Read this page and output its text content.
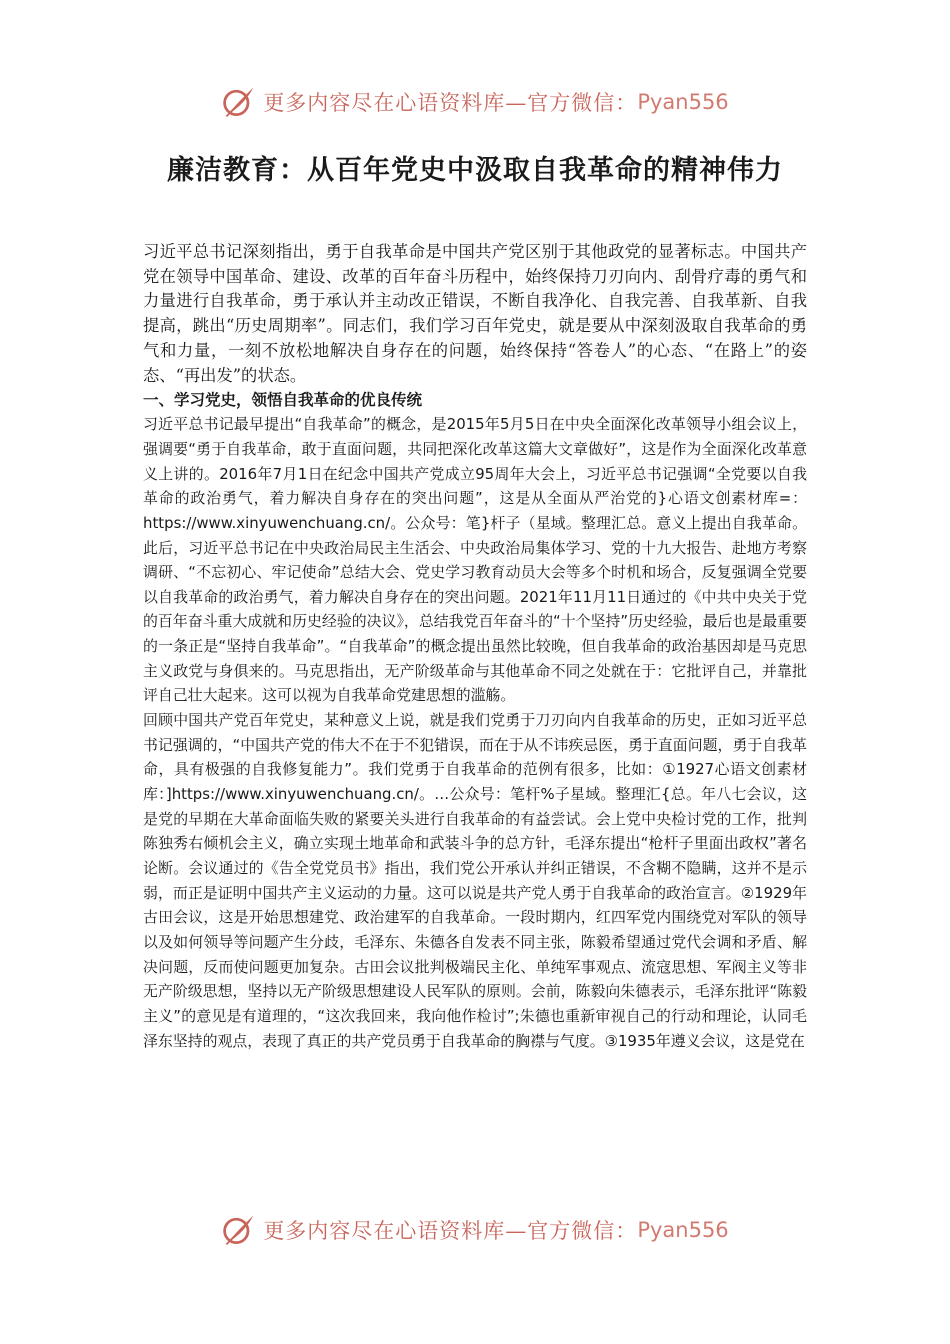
更多内容尽在心语资料库—官方微信： Pyan556
廉洁教育：从百年党史中汲取自我革命的精神伟力

习近平总书记深刻指出，勇于自我革命是中国共产党区别于其他政党的显著标志。中国共产党在领导中国革命、建设、改革的百年奋斗历程中，始终保持刀刃向内、刮骨疗毒的勇气和力量进行自我革命，勇于承认并主动改正错误，不断自我净化、自我完善、自我革新、自我提高，跳出“历史周期率”。同志们，我们学习百年党史，就是要从中深刻汲取自我革命的勇气和力量，一刻不放松地解决自身存在的问题，始终保持“答卷人”的心态、“在路上”的姿态、“再出发”的状态。

一、学习党史，领悟自我革命的优良传统

习近平总书记最早提出“自我革命”的概念，是2015年5月5日在中央全面深化改革领导小组会议上，强调要“勇于自我革命，敢于直面问题，共同把深化改革这篇大文章做好”，这是作为全面深化改革意义上讲的。2016年7月1日在纪念中国共产党成立95周年大会上，习近平总书记强调“全党要以自我革命的政治勇气，着力解决自身存在的突出问题”，这是从全面从严治党的}心语文创素材库=：https://www.xinyuwenchuang.cn/。公众号：笔}杆子（星域。整理汇总。意义上提出自我革命。此后，习近平总书记在中央政治局民主生活会、中央政治局集体学习、党的十九大报告、赴地方考察调研、“不忘初心、牢记使命”总结大会、党史学习教育动员大会等多个时机和场合，反复强调全党要以自我革命的政治勇气，着力解决自身存在的突出问题。2021年11月11日通过的《中共中央关于党的百年奋斗重大成就和历史经验的决议》，总结我党百年奋斗的“十个坚持”历史经验，最后也是最重要的一条正是“坚持自我革命”。“自我革命”的概念提出虽然比较晚，但自我革命的政治基因却是马克思主义政党与身俱来的。马克思指出，无产阶级革命与其他革命不同之处就在于：它批评自己，并靠批评自己壮大起来。这可以视为自我革命党建思想的滥觞。

回顾中国共产党百年党史，某种意义上说，就是我们党勇于刀刃向内自我革命的历史，正如习近平总书记强调的，“中国共产党的伟大不在于不犯错误，而在于从不讳疾忌医，勇于直面问题，勇于自我革命，具有极强的自我修复能力”。我们党勇于自我革命的范例有很多，比如：①1927心语文创素材库：]https://www.xinyuwenchuang.cn/。…公众号：笔杆%子星域。整理汇{总。年八七会议，这是党的早期在大革命面临失败的紧要关头进行自我革命的有益尝试。会上党中央检讨党的工作，批判陈独秀右倾机会主义，确立实现土地革命和武装斗争的总方针，毛泽东提出“枪杆子里面出政权”著名论断。会议通过的《告全党党员书》指出，我们党公开承认并纠正错误，不含糊不隐瞒，这并不是示弱，而正是证明中国共产主义运动的力量。这可以说是共产党人勇于自我革命的政治宣言。②1929年古田会议，这是开始思想建党、政治建军的自我革命。一段时期内，红四军党内围绕党对军队的领导以及如何领导等问题产生分歧，毛泽东、朱德各自发表不同主张，陈毅希望通过党代会调和矛盾、解决问题，反而使问题更加复杂。古田会议批判极端民主化、单纯军事观点、流寇思想、军阀主义等非无产阶级思想，坚持以无产阶级思想建设人民军队的原则。会前，陈毅向朱德表示，毛泽东批评“陈毅主义”的意见是有道理的，“这次我回来，我向他作检讨”;朱德也重新审视自己的行动和理论，认同毛泽东坚持的观点，表现了真正的共产党员勇于自我革命的胸襟与气度。③1935年遵义会议，这是党在

更多内容尽在心语资料库—官方微信： Pyan556
